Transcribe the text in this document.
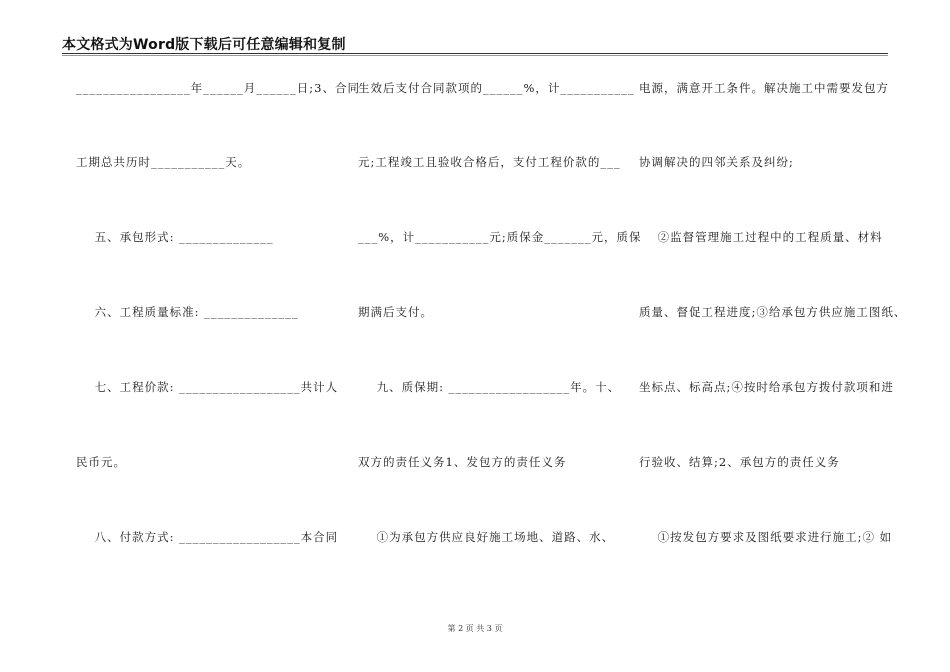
本文格式为Word版下载后可任意编辑和复制
_________________年______月______日;3、合同
工期总共历时___________天。
五、承包形式: ______________
六、工程质量标准: ______________
七、工程价款: __________________共计人
民币元。
八、付款方式: __________________本合同
生效后支付合同款项的______%，计___________
元;工程竣工且验收合格后，支付工程价款的___
___%，计___________元;质保金_______元，质保
期满后支付。
九、质保期: __________________年。十、
双方的责任义务1、发包方的责任义务
①为承包方供应良好施工场地、道路、水、
电源，满意开工条件。解决施工中需要发包方
协调解决的四邻关系及纠纷;
②监督管理施工过程中的工程质量、材料
质量、督促工程进度;③给承包方供应施工图纸、
坐标点、标高点;④按时给承包方拨付款项和进
行验收、结算;2、承包方的责任义务
①按发包方要求及图纸要求进行施工;② 如
第 2 页 共 3 页
